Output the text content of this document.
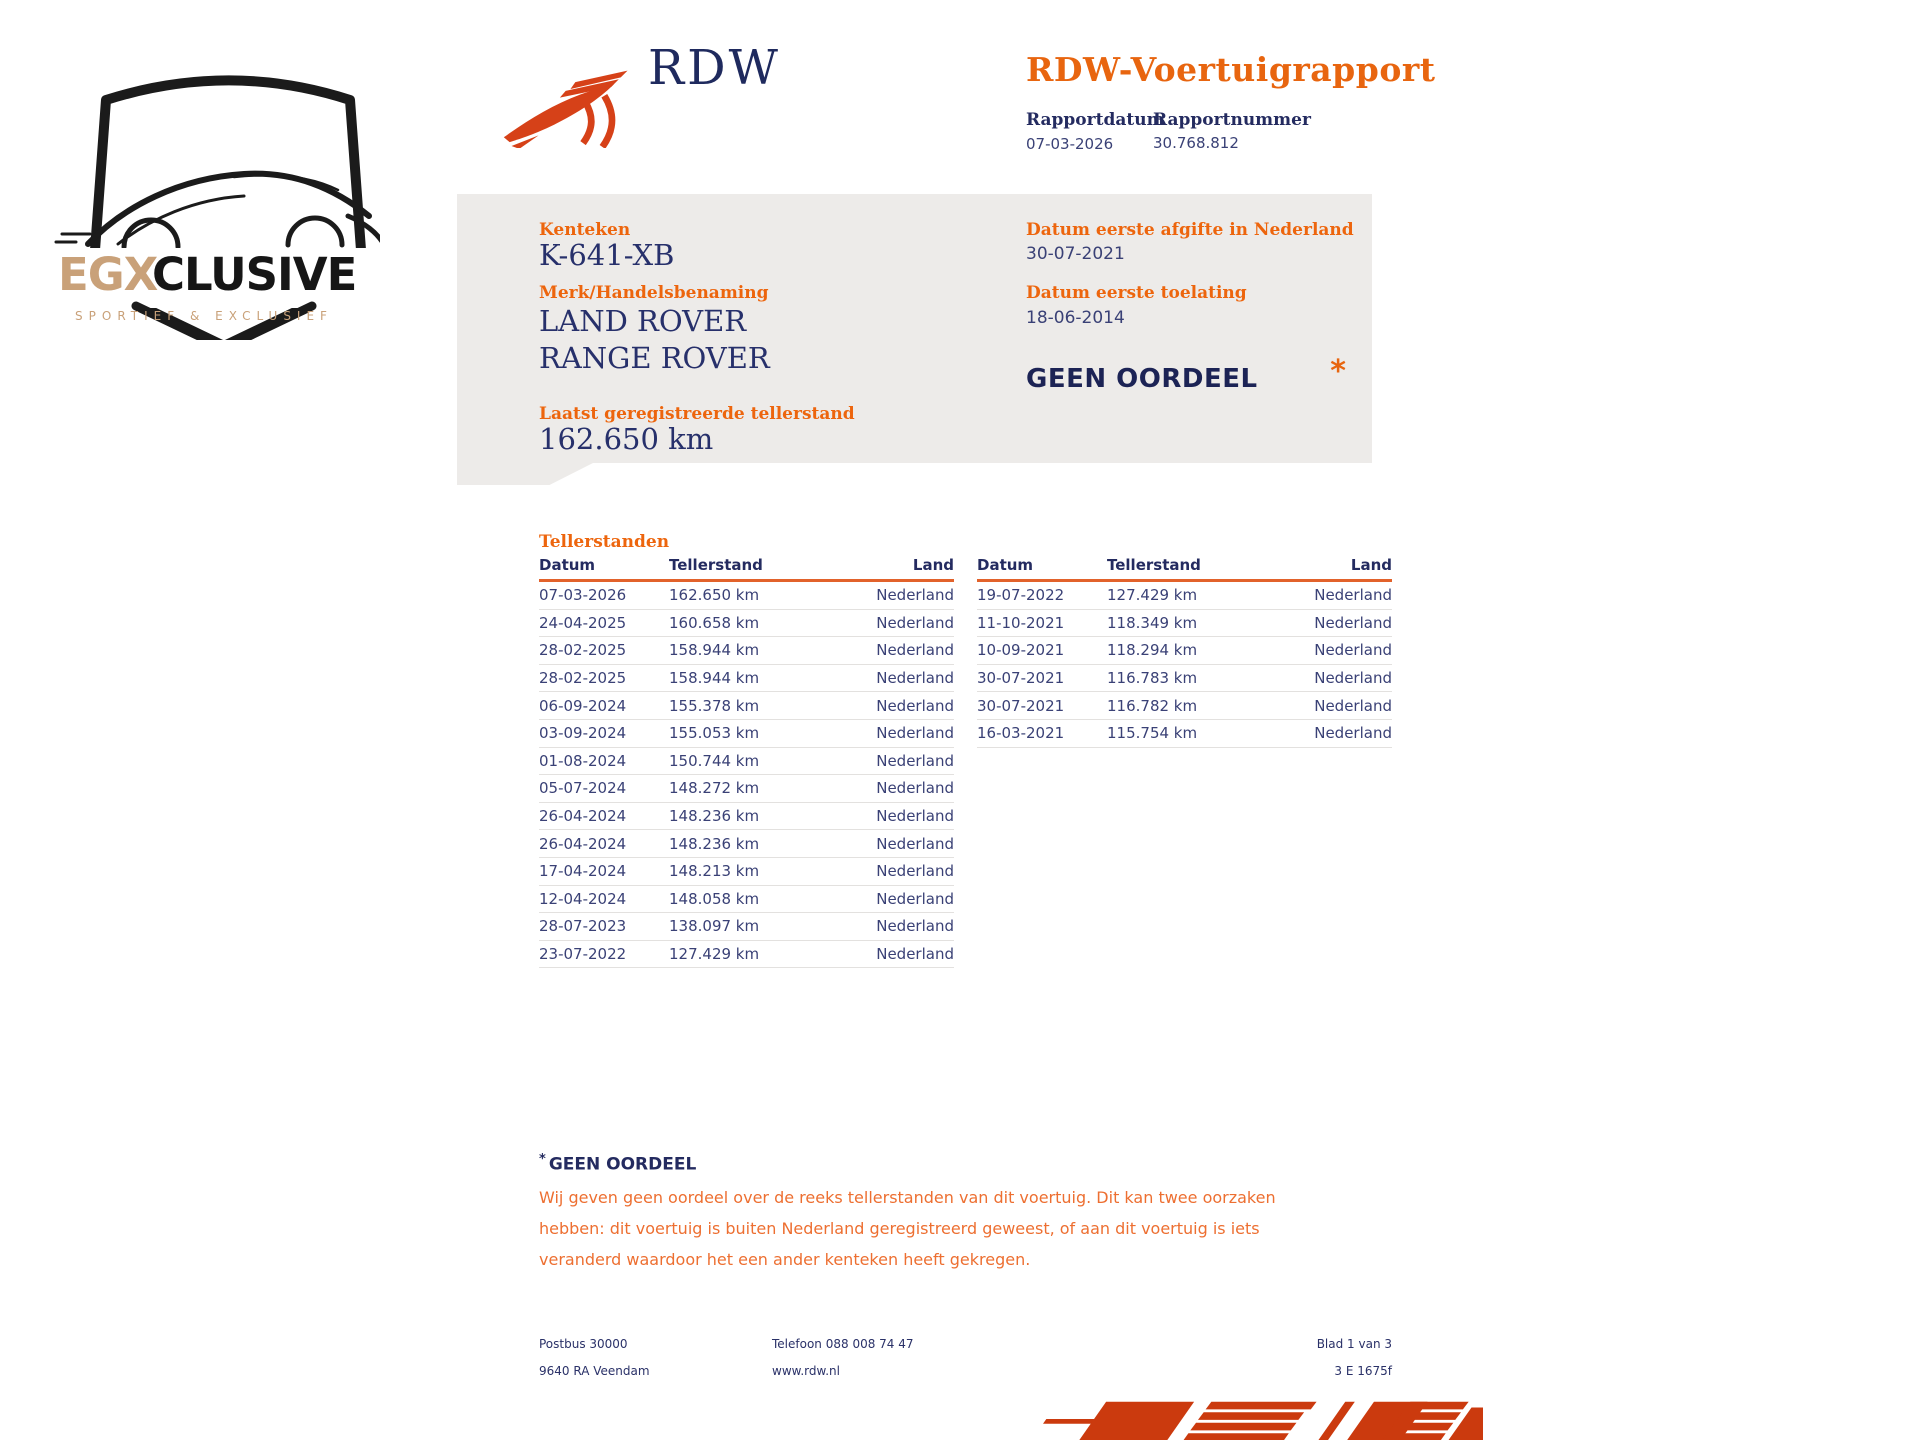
EGX
CLUSIVE
SPORTIEF & EXCLUSIEF
RDW	RDW-Voertuigrapport
Rapportdatum
Rapportnummer
07-03-2026	30.768.812
Kenteken
K-641-XB
Merk/Handelsbenaming
LAND ROVER
RANGE ROVER
Laatst geregistreerde tellerstand
162.650 km
Datum eerste afgifte in Nederland
30-07-2021
Datum eerste toelating
18-06-2014
GEEN OORDEEL *
Tellerstanden
Datum	Tellerstand	Land
07-03-2026	162.650 km	Nederland
24-04-2025	160.658 km	Nederland
28-02-2025	158.944 km	Nederland
28-02-2025	158.944 km	Nederland
06-09-2024	155.378 km	Nederland
03-09-2024	155.053 km	Nederland
01-08-2024	150.744 km	Nederland
05-07-2024	148.272 km	Nederland
26-04-2024	148.236 km	Nederland
26-04-2024	148.236 km	Nederland
17-04-2024	148.213 km	Nederland
12-04-2024	148.058 km	Nederland
28-07-2023	138.097 km	Nederland
23-07-2022	127.429 km	Nederland
Datum	Tellerstand	Land
19-07-2022	127.429 km	Nederland
11-10-2021	118.349 km	Nederland
10-09-2021	118.294 km	Nederland
30-07-2021	116.783 km	Nederland
30-07-2021	116.782 km	Nederland
16-03-2021	115.754 km	Nederland
* GEEN OORDEEL
Wij geven geen oordeel over de reeks tellerstanden van dit voertuig. Dit kan twee oorzaken hebben: dit voertuig is buiten Nederland geregistreerd geweest, of aan dit voertuig is iets veranderd waardoor het een ander kenteken heeft gekregen.
Postbus 30000	Telefoon 088 008 74 47	Blad 1 van 3
9640 RA Veendam	www.rdw.nl	3 E 1675f
